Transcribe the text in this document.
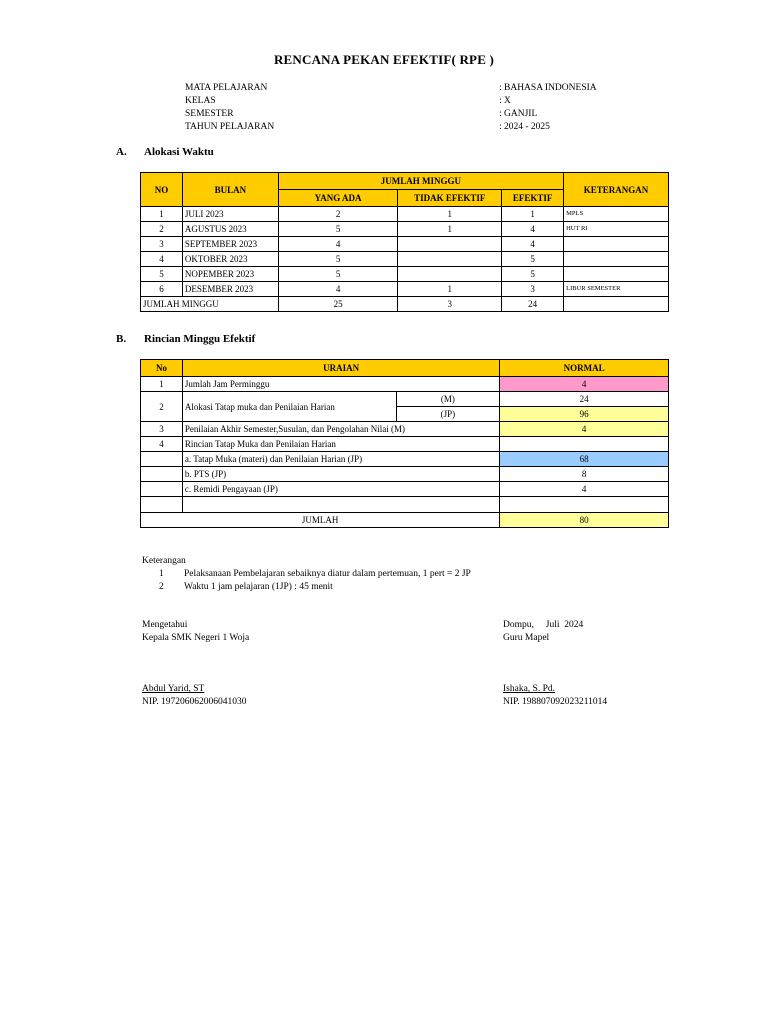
RENCANA PEKAN EFEKTIF( RPE )
MATA PELAJARAN	: BAHASA INDONESIA
KELAS	: X
SEMESTER	: GANJIL
TAHUN PELAJARAN	: 2024 - 2025
A. Alokasi Waktu
NO	BULAN	JUMLAH MINGGU			KETERANGAN
		YANG ADA	TIDAK EFEKTIF	EFEKTIF	
1	JULI 2023	2	1	1	MPLS
2	AGUSTUS 2023	5	1	4	HUT RI
3	SEPTEMBER 2023	4		4	
4	OKTOBER 2023	5		5	
5	NOPEMBER 2023	5		5	
6	DESEMBER 2023	4	1	3	LIBUR SEMESTER
JUMLAH MINGGU		25	3	24	
B. Rincian Minggu Efektif
No	URAIAN		NORMAL
1	Jumlah Jam Perminggu		4
2	Alokasi Tatap muka dan Penilaian Harian	(M)	24
		(JP)	96
3	Penilaian Akhir Semester,Susulan, dan Pengolahan Nilai (M)		4
4	Rincian Tatap Muka dan Penilaian Harian		
	a. Tatap Muka (materi) dan Penilaian Harian (JP)		68
	b. PTS (JP)		8
	c. Remidi Pengayaan (JP)		4

JUMLAH			80
Keterangan
1	Pelaksanaan Pembelajaran sebaiknya diatur dalam pertemuan, 1 pert = 2 JP
2	Waktu 1 jam pelajaran (1JP) : 45 menit
Mengetahui
Kepala SMK Negeri 1 Woja
Abdul Yarid, ST
NIP. 197206062006041030
Dompu,     Juli  2024
Guru Mapel
Ishaka, S. Pd.
NIP. 198807092023211014
